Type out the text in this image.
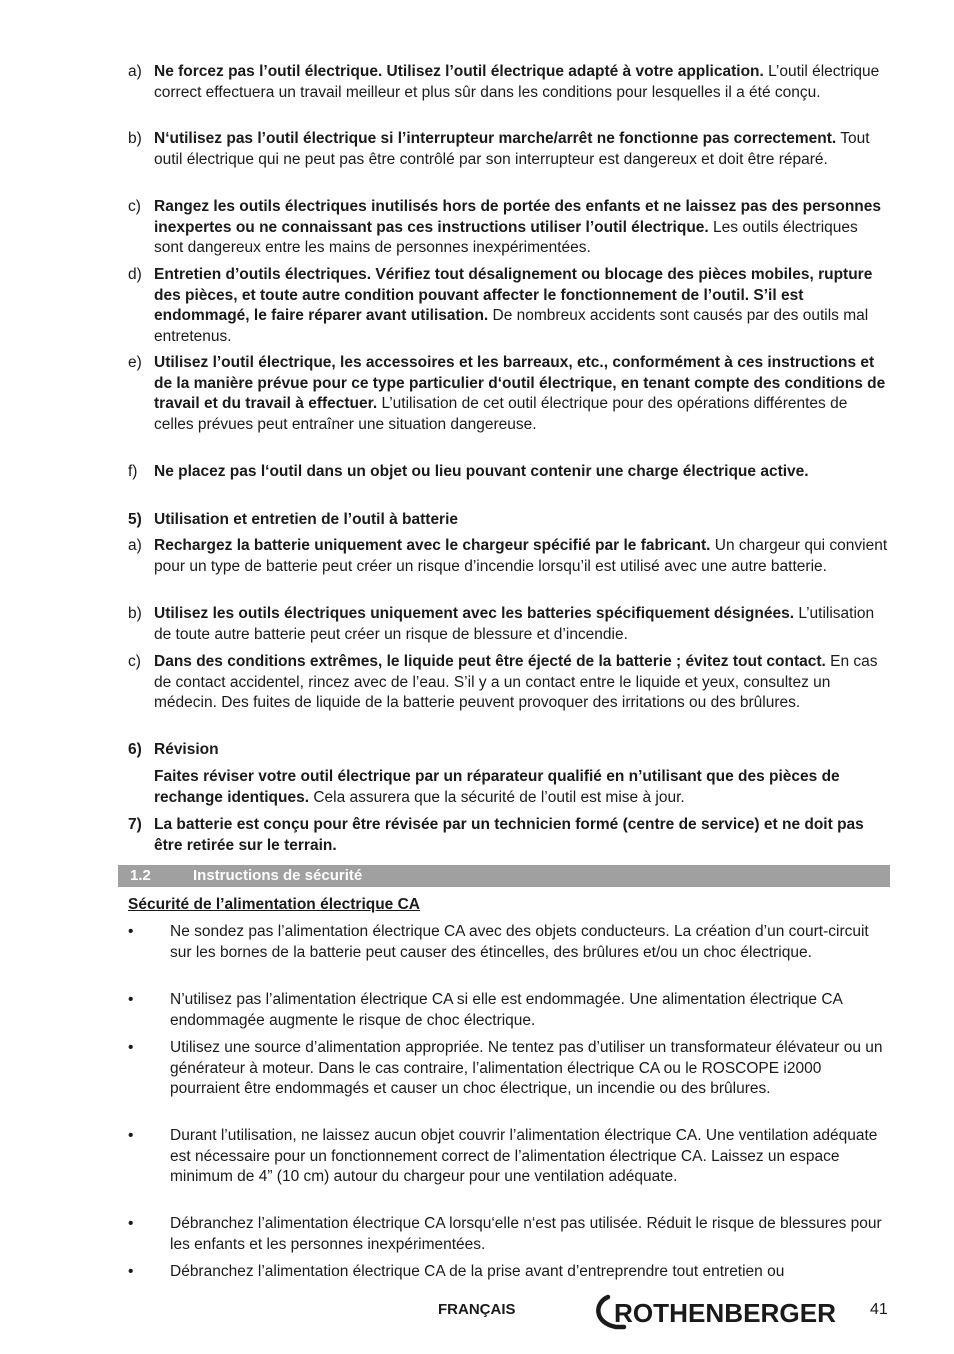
a) Ne forcez pas l’outil électrique. Utilisez l’outil électrique adapté à votre application. L’outil électrique correct effectuera un travail meilleur et plus sûr dans les conditions pour lesquelles il a été conçu.
b) N‘utilisez pas l’outil électrique si l’interrupteur marche/arrêt ne fonctionne pas correctement. Tout outil électrique qui ne peut pas être contrôlé par son interrupteur est dangereux et doit être réparé.
c) Rangez les outils électriques inutilisés hors de portée des enfants et ne laissez pas des personnes inexpertes ou ne connaissant pas ces instructions utiliser l’outil électrique. Les outils électriques sont dangereux entre les mains de personnes inexpérimentées.
d) Entretien d’outils électriques. Vérifiez tout désalignement ou blocage des pièces mobiles, rupture des pièces, et toute autre condition pouvant affecter le fonctionnement de l’outil. S’il est endommagé, le faire réparer avant utilisation. De nombreux accidents sont causés par des outils mal entretenus.
e) Utilisez l’outil électrique, les accessoires et les barreaux, etc., conformément à ces instructions et de la manière prévue pour ce type particulier d‘outil électrique, en tenant compte des conditions de travail et du travail à effectuer. L’utilisation de cet outil électrique pour des opérations différentes de celles prévues peut entraîner une situation dangereuse.
f)	Ne placez pas l‘outil dans un objet ou lieu pouvant contenir une charge électrique active.
5) Utilisation et entretien de l’outil à batterie
a) Rechargez la batterie uniquement avec le chargeur spécifié par le fabricant. Un chargeur qui convient pour un type de batterie peut créer un risque d’incendie lorsqu’il est utilisé avec une autre batterie.
b) Utilisez les outils électriques uniquement avec les batteries spécifiquement désignées. L’utilisation de toute autre batterie peut créer un risque de blessure et d’incendie.
c) Dans des conditions extrêmes, le liquide peut être éjecté de la batterie ; évitez tout contact. En cas de contact accidentel, rincez avec de l’eau. S’il y a un contact entre le liquide et yeux, consultez un médecin. Des fuites de liquide de la batterie peuvent provoquer des irritations ou des brûlures.
6) Révision
Faites réviser votre outil électrique par un réparateur qualifié en n’utilisant que des pièces de rechange identiques. Cela assurera que la sécurité de l’outil est mise à jour.
7) La batterie est conçu pour être révisée par un technicien formé (centre de service) et ne doit pas être retirée sur le terrain.
1.2	Instructions de sécurité
Sécurité de l’alimentation électrique CA
•	Ne sondez pas l’alimentation électrique CA avec des objets conducteurs. La création d’un court-circuit sur les bornes de la batterie peut causer des étincelles, des brûlures et/ou un choc électrique.
•	N’utilisez pas l’alimentation électrique CA si elle est endommagée. Une alimentation électrique CA endommagée augmente le risque de choc électrique.
•	Utilisez une source d’alimentation appropriée. Ne tentez pas d’utiliser un transformateur élévateur ou un générateur à moteur. Dans le cas contraire, l’alimentation électrique CA ou le ROSCOPE i2000 pourraient être endommagés et causer un choc électrique, un incendie ou des brûlures.
•	Durant l’utilisation, ne laissez aucun objet couvrir l’alimentation électrique CA. Une ventilation adéquate est nécessaire pour un fonctionnement correct de l’alimentation électrique CA. Laissez un espace minimum de 4” (10 cm) autour du chargeur pour une ventilation adéquate.
•	Débranchez l’alimentation électrique CA lorsqu‘elle n‘est pas utilisée. Réduit le risque de blessures pour les enfants et les personnes inexpérimentées.
•	Débranchez l’alimentation électrique CA de la prise avant d’entreprendre tout entretien ou
FRANÇAIS	ROTHENBERGER 41
